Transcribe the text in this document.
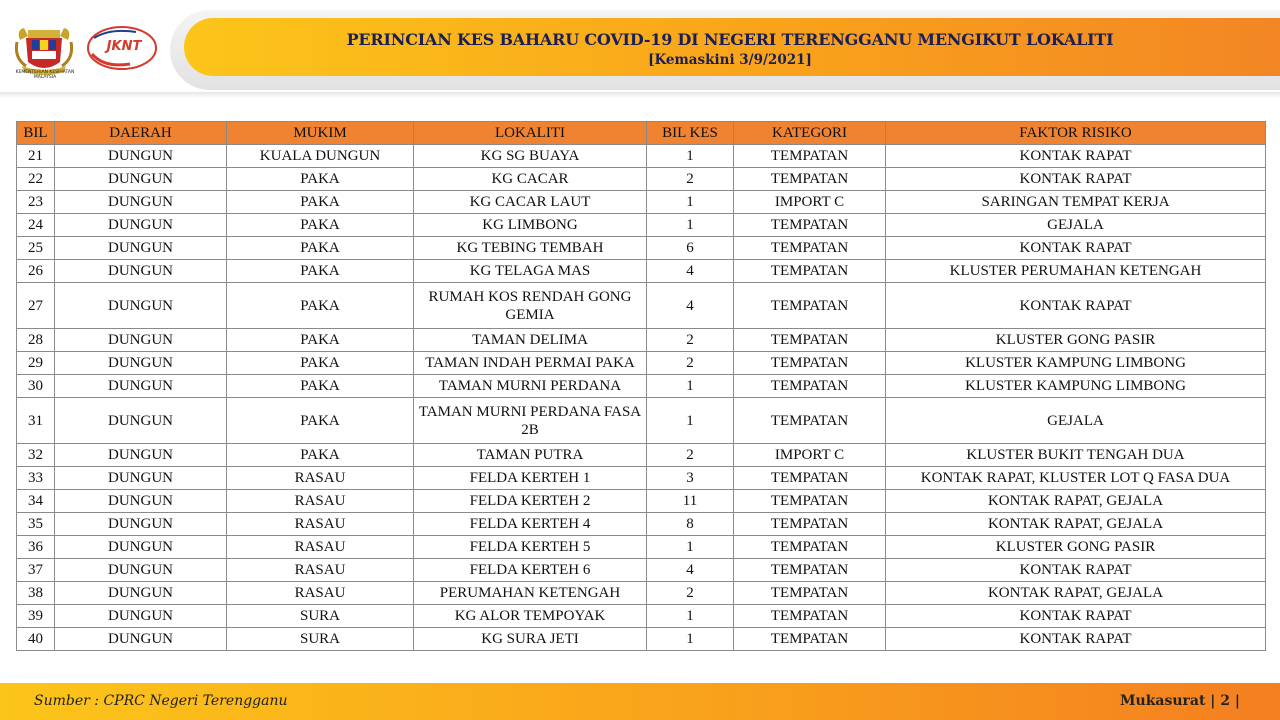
PERINCIAN KES BAHARU COVID-19 DI NEGERI TERENGGANU MENGIKUT LOKALITI
[Kemaskini 3/9/2021]
KEMENTERIAN KESIHATAN MALAYSIA
JKNT
BIL	DAERAH	MUKIM	LOKALITI	BIL KES	KATEGORI	FAKTOR RISIKO
21	DUNGUN	KUALA DUNGUN	KG SG BUAYA	1	TEMPATAN	KONTAK RAPAT
22	DUNGUN	PAKA	KG CACAR	2	TEMPATAN	KONTAK RAPAT
23	DUNGUN	PAKA	KG CACAR LAUT	1	IMPORT C	SARINGAN TEMPAT KERJA
24	DUNGUN	PAKA	KG LIMBONG	1	TEMPATAN	GEJALA
25	DUNGUN	PAKA	KG TEBING TEMBAH	6	TEMPATAN	KONTAK RAPAT
26	DUNGUN	PAKA	KG TELAGA MAS	4	TEMPATAN	KLUSTER PERUMAHAN KETENGAH
27	DUNGUN	PAKA	RUMAH KOS RENDAH GONG GEMIA	4	TEMPATAN	KONTAK RAPAT
28	DUNGUN	PAKA	TAMAN DELIMA	2	TEMPATAN	KLUSTER GONG PASIR
29	DUNGUN	PAKA	TAMAN INDAH PERMAI PAKA	2	TEMPATAN	KLUSTER KAMPUNG LIMBONG
30	DUNGUN	PAKA	TAMAN MURNI PERDANA	1	TEMPATAN	KLUSTER KAMPUNG LIMBONG
31	DUNGUN	PAKA	TAMAN MURNI PERDANA FASA 2B	1	TEMPATAN	GEJALA
32	DUNGUN	PAKA	TAMAN PUTRA	2	IMPORT C	KLUSTER BUKIT TENGAH DUA
33	DUNGUN	RASAU	FELDA KERTEH 1	3	TEMPATAN	KONTAK RAPAT, KLUSTER LOT Q FASA DUA
34	DUNGUN	RASAU	FELDA KERTEH 2	11	TEMPATAN	KONTAK RAPAT, GEJALA
35	DUNGUN	RASAU	FELDA KERTEH 4	8	TEMPATAN	KONTAK RAPAT, GEJALA
36	DUNGUN	RASAU	FELDA KERTEH 5	1	TEMPATAN	KLUSTER GONG PASIR
37	DUNGUN	RASAU	FELDA KERTEH 6	4	TEMPATAN	KONTAK RAPAT
38	DUNGUN	RASAU	PERUMAHAN KETENGAH	2	TEMPATAN	KONTAK RAPAT, GEJALA
39	DUNGUN	SURA	KG ALOR TEMPOYAK	1	TEMPATAN	KONTAK RAPAT
40	DUNGUN	SURA	KG SURA JETI	1	TEMPATAN	KONTAK RAPAT
Sumber : CPRC Negeri Terengganu	Mukasurat | 2 |
